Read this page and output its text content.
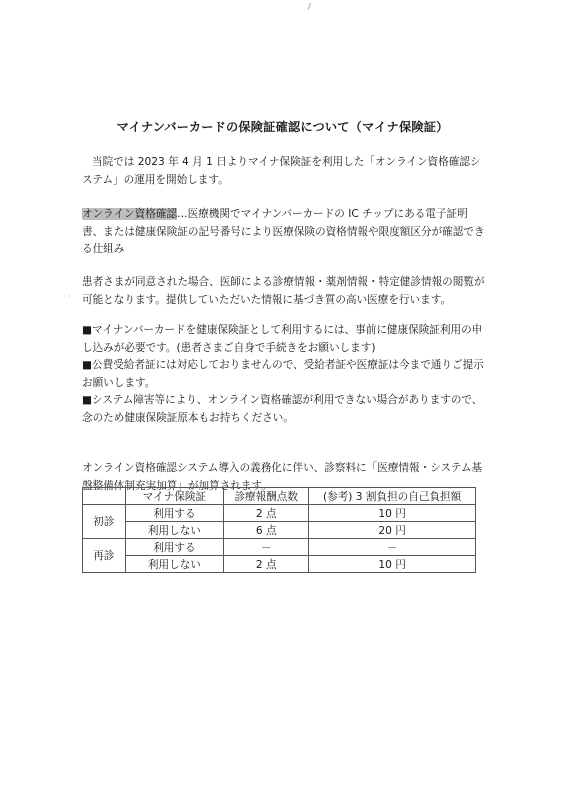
/
·
˙˙
マイナンバーカードの保険証確認について（マイナ保険証）
当院では 2023 年 4 月 1 日よりマイナ保険証を利用した「オンライン資格確認システム」の運用を開始します。
オンライン資格確認…医療機関でマイナンバーカードの IC チップにある電子証明書、または健康保険証の記号番号により医療保険の資格情報や限度額区分が確認できる仕組み
患者さまが同意された場合、医師による診療情報・薬剤情報・特定健診情報の閲覧が可能となります。提供していただいた情報に基づき質の高い医療を行います。
■マイナンバーカードを健康保険証として利用するには、事前に健康保険証利用の申し込みが必要です。(患者さまご自身で手続きをお願いします)
■公費受給者証には対応しておりませんので、受給者証や医療証は今まで通りご提示お願いします。
■システム障害等により、オンライン資格確認が利用できない場合がありますので、念のため健康保険証原本もお持ちください。
オンライン資格確認システム導入の義務化に伴い、診察料に「医療情報・システム基盤整備体制充実加算」が加算されます。
	マイナ保険証	診療報酬点数	(参考) 3 割負担の自己負担額
初診	利用する	2 点	10 円
	利用しない	6 点	20 円
再診	利用する	－	－
	利用しない	2 点	10 円
